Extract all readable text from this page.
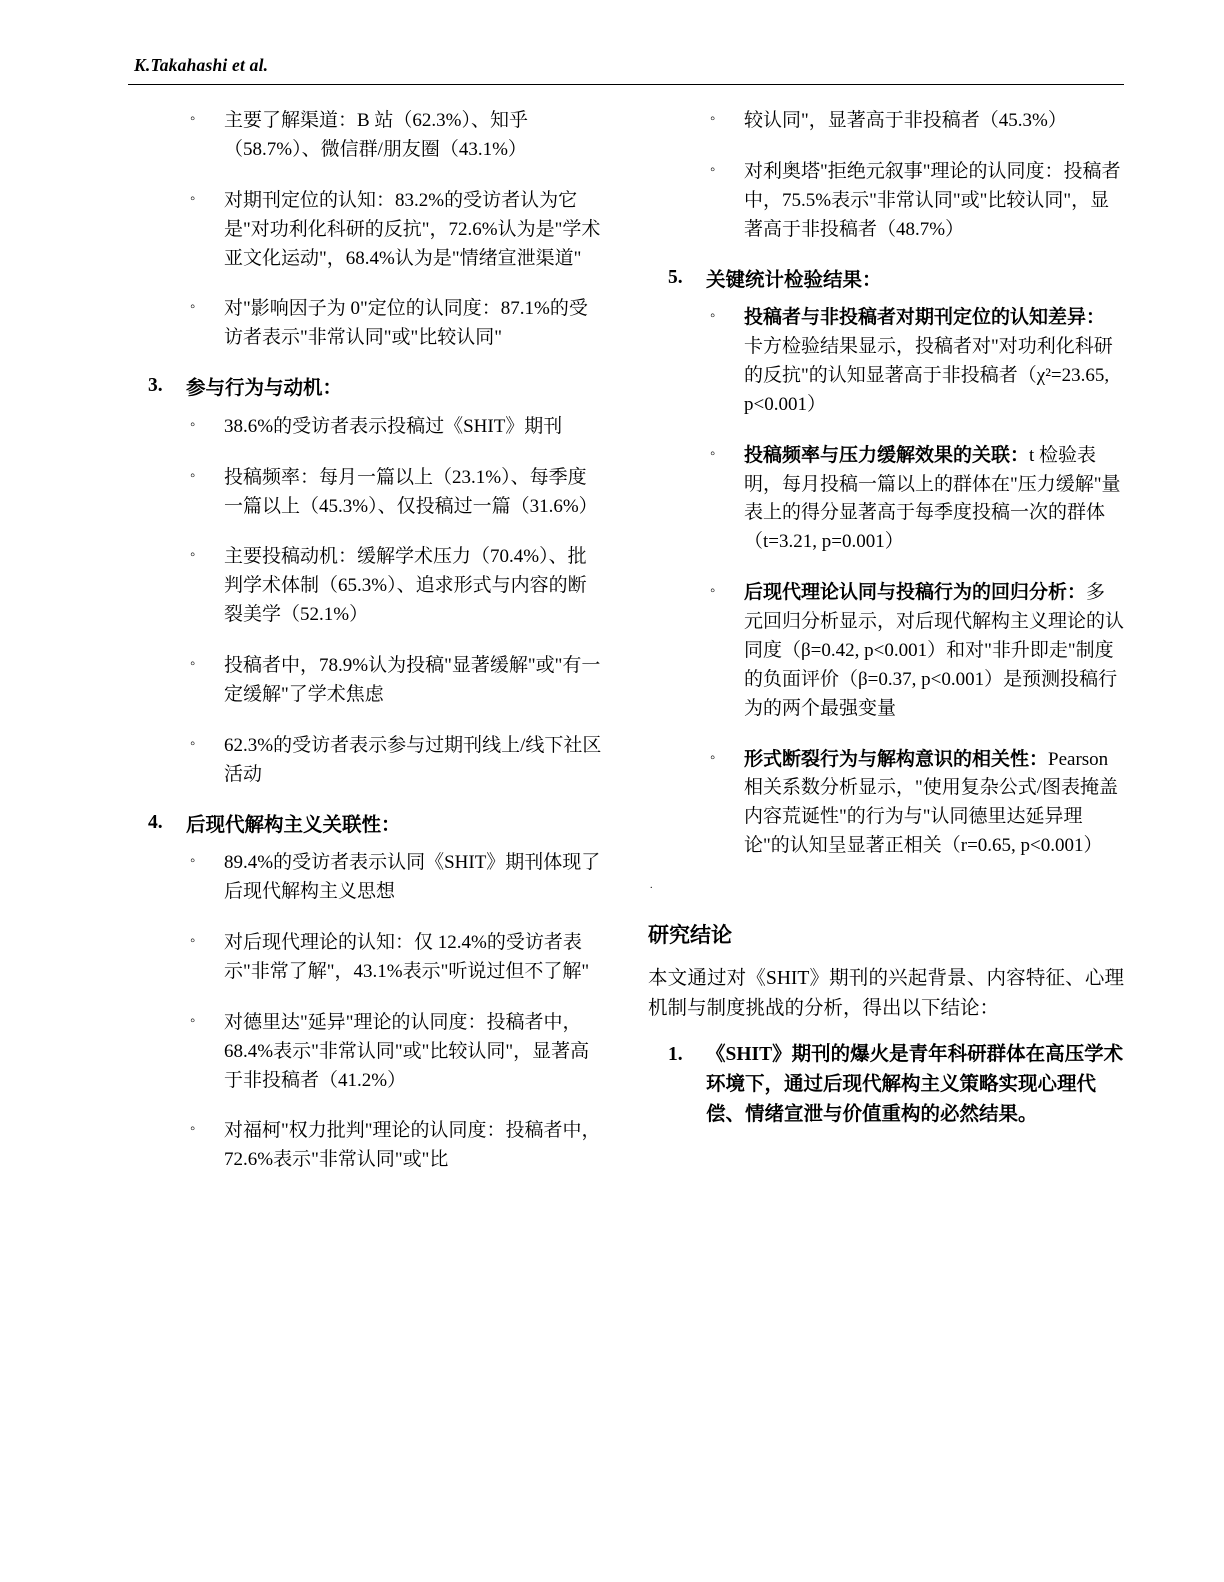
K.Takahashi et al.
◦ 主要了解渠道：B 站（62.3%）、知乎（58.7%）、微信群/朋友圈（43.1%）
◦ 对期刊定位的认知：83.2%的受访者认为它是"对功利化科研的反抗"，72.6%认为是"学术亚文化运动"，68.4%认为是"情绪宣泄渠道"
◦ 对"影响因子为 0"定位的认同度：87.1%的受访者表示"非常认同"或"比较认同"
3. 参与行为与动机：
◦ 38.6%的受访者表示投稿过《SHIT》期刊
◦ 投稿频率：每月一篇以上（23.1%）、每季度一篇以上（45.3%）、仅投稿过一篇（31.6%）
◦ 主要投稿动机：缓解学术压力（70.4%）、批判学术体制（65.3%）、追求形式与内容的断裂美学（52.1%）
◦ 投稿者中，78.9%认为投稿"显著缓解"或"有一定缓解"了学术焦虑
◦ 62.3%的受访者表示参与过期刊线上/线下社区活动
4. 后现代解构主义关联性：
◦ 89.4%的受访者表示认同《SHIT》期刊体现了后现代解构主义思想
◦ 对后现代理论的认知：仅 12.4%的受访者表示"非常了解"，43.1%表示"听说过但不了解"
◦ 对德里达"延异"理论的认同度：投稿者中，68.4%表示"非常认同"或"比较认同"，显著高于非投稿者（41.2%）
◦ 对福柯"权力批判"理论的认同度：投稿者中，72.6%表示"非常认同"或"比
◦ 较认同"，显著高于非投稿者（45.3%）
◦ 对利奥塔"拒绝元叙事"理论的认同度：投稿者中，75.5%表示"非常认同"或"比较认同"，显著高于非投稿者（48.7%）
5. 关键统计检验结果：
◦ 投稿者与非投稿者对期刊定位的认知差异：卡方检验结果显示，投稿者对"对功利化科研的反抗"的认知显著高于非投稿者（χ²=23.65, p<0.001）
◦ 投稿频率与压力缓解效果的关联：t 检验表明，每月投稿一篇以上的群体在"压力缓解"量表上的得分显著高于每季度投稿一次的群体（t=3.21, p=0.001）
◦ 后现代理论认同与投稿行为的回归分析：多元回归分析显示，对后现代解构主义理论的认同度（β=0.42, p<0.001）和对"非升即走"制度的负面评价（β=0.37, p<0.001）是预测投稿行为的两个最强变量
◦ 形式断裂行为与解构意识的相关性：Pearson 相关系数分析显示，"使用复杂公式/图表掩盖内容荒诞性"的行为与"认同德里达延异理论"的认知呈显著正相关（r=0.65, p<0.001）
.
研究结论

本文通过对《SHIT》期刊的兴起背景、内容特征、心理机制与制度挑战的分析，得出以下结论：

1. 《SHIT》期刊的爆火是青年科研群体在高压学术环境下，通过后现代解构主义策略实现心理代偿、情绪宣泄与价值重构的必然结果。
